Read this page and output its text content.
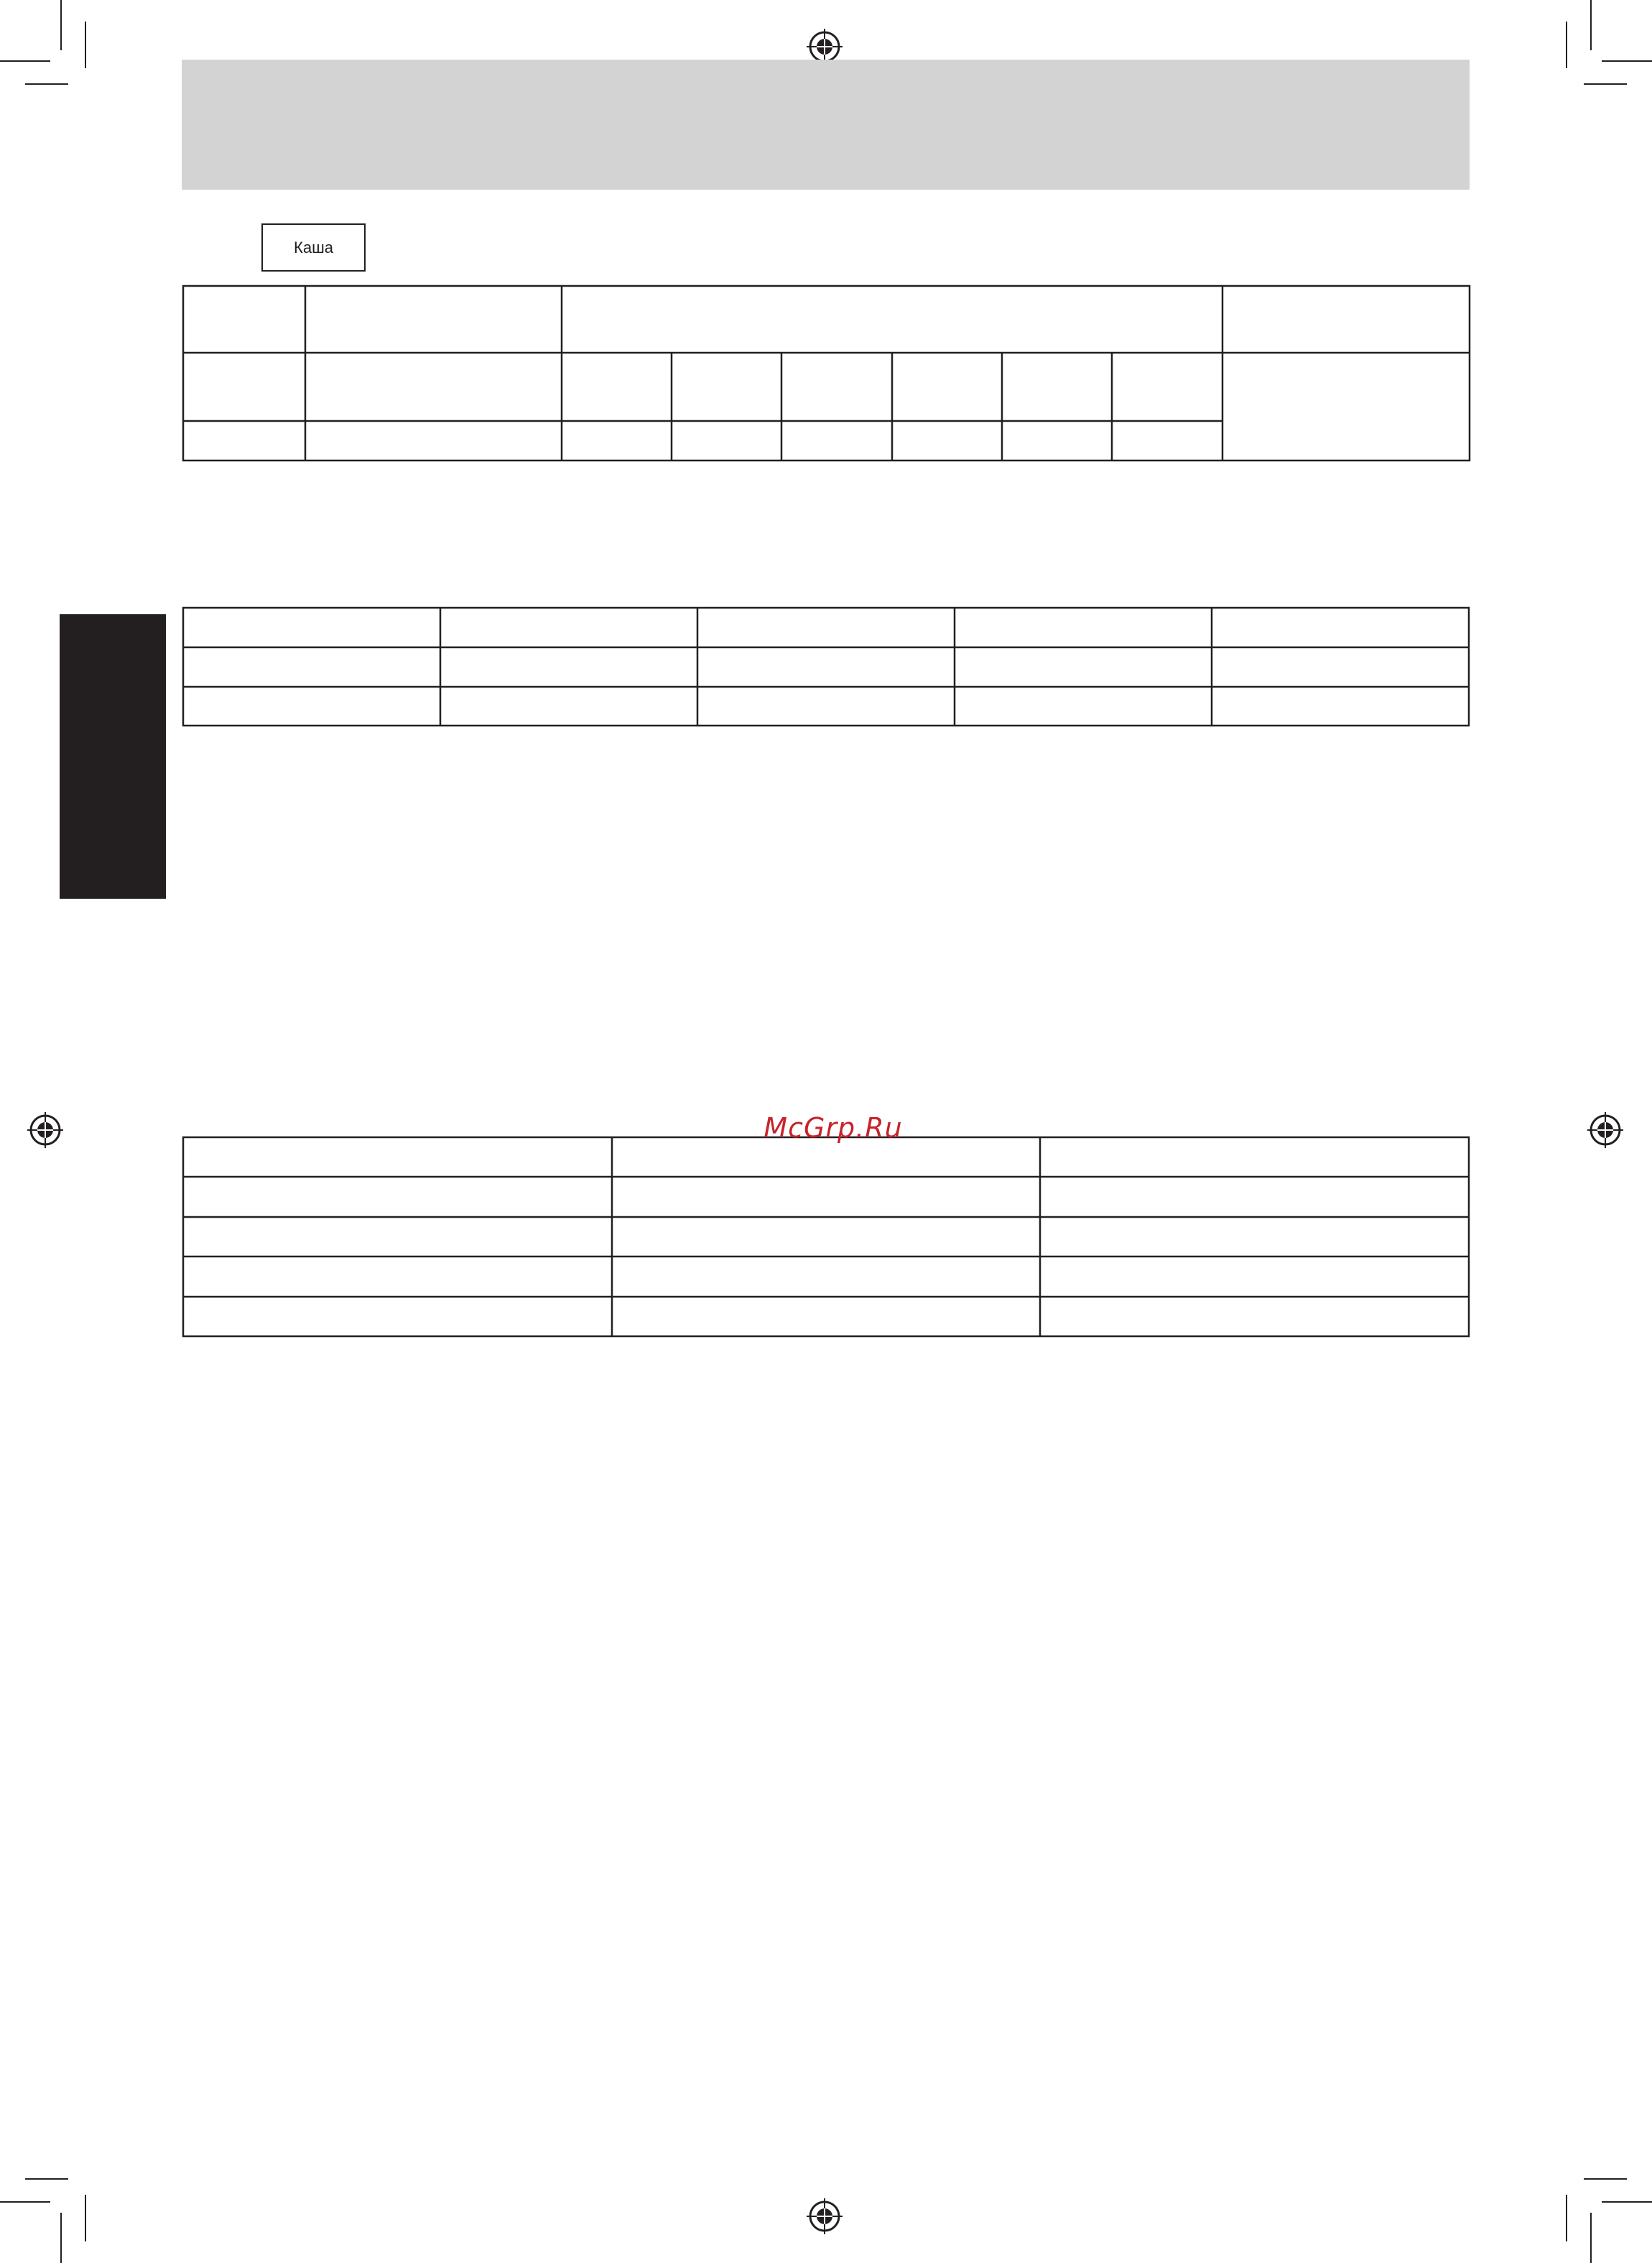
Каша
McGrp.Ru
